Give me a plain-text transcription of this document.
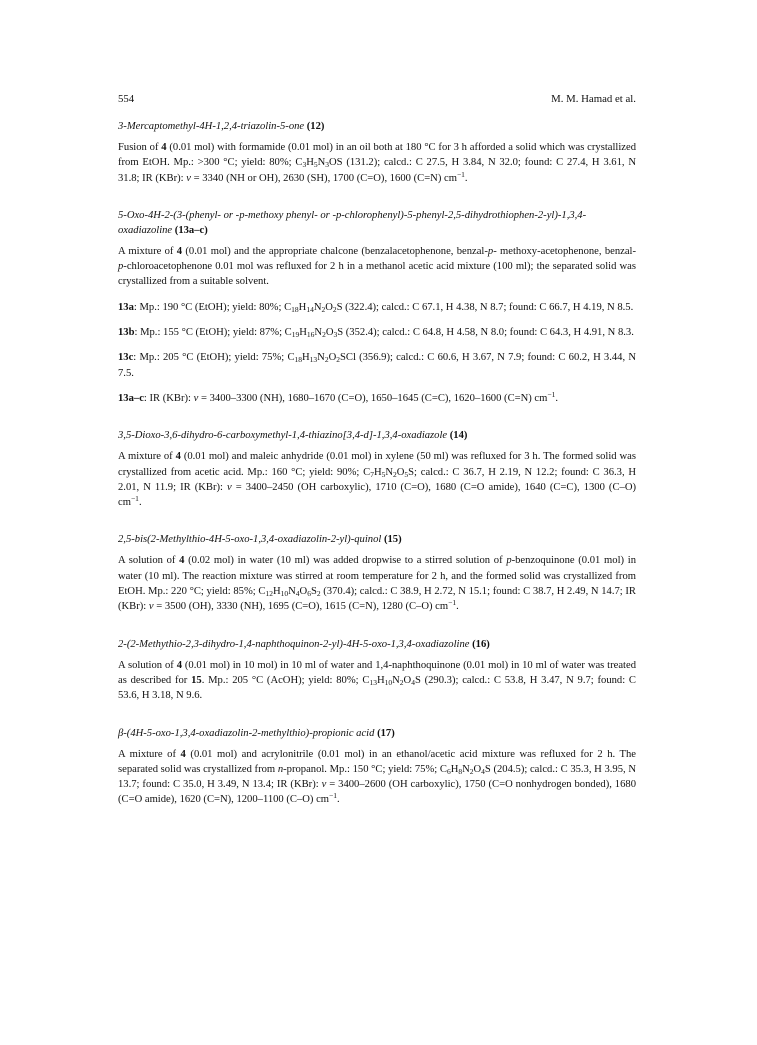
554	M. M. Hamad et al.

3-Mercaptomethyl-4H-1,2,4-triazolin-5-one (12)

Fusion of 4 (0.01 mol) with formamide (0.01 mol) in an oil both at 180 °C for 3 h afforded a solid which was crystallized from EtOH. Mp.: >300 °C; yield: 80%; $C_3H_5N_3OS$ (131.2); calcd.: C 27.5, H 3.84, N 32.0; found: C 27.4, H 3.61, N 31.8; IR (KBr): v = 3340 (NH or OH), 2630 (SH), 1700 (C=O), 1600 (C=N) $cm^{-1}$.

5-Oxo-4H-2-(3-(phenyl- or -p-methoxy phenyl- or -p-chlorophenyl)-5-phenyl-2,5-dihydrothiophen-2-yl)-1,3,4-oxadiazoline (13a–c)

A mixture of 4 (0.01 mol) and the appropriate chalcone (benzalacetophenone, benzal-p- methoxy-acetophenone, benzal-p-chloroacetophenone 0.01 mol was refluxed for 2 h in a methanol acetic acid mixture (100 ml); the separated solid was crystallized from a suitable solvent.

13a: Mp.: 190 °C (EtOH); yield: 80%; $C_{18}H_{14}N_2O_2S$ (322.4); calcd.: C 67.1, H 4.38, N 8.7; found: C 66.7, H 4.19, N 8.5.

13b: Mp.: 155 °C (EtOH); yield: 87%; $C_{19}H_{16}N_2O_3S$ (352.4); calcd.: C 64.8, H 4.58, N 8.0; found: C 64.3, H 4.91, N 8.3.

13c: Mp.: 205 °C (EtOH); yield: 75%; $C_{18}H_{13}N_2O_2SCl$ (356.9); calcd.: C 60.6, H 3.67, N 7.9; found: C 60.2, H 3.44, N 7.5.

13a–c: IR (KBr): v = 3400–3300 (NH), 1680–1670 (C=O), 1650–1645 (C=C), 1620–1600 (C=N) $cm^{-1}$.

3,5-Dioxo-3,6-dihydro-6-carboxymethyl-1,4-thiazino[3,4-d]-1,3,4-oxadiazole (14)

A mixture of 4 (0.01 mol) and maleic anhydride (0.01 mol) in xylene (50 ml) was refluxed for 3 h. The formed solid was crystallized from acetic acid. Mp.: 160 °C; yield: 90%; $C_7H_5N_2O_5S$; calcd.: C 36.7, H 2.19, N 12.2; found: C 36.3, H 2.01, N 11.9; IR (KBr): v = 3400–2450 (OH carboxylic), 1710 (C=O), 1680 (C=O amide), 1640 (C=C), 1300 (C–O) $cm^{-1}$.

2,5-bis(2-Methylthio-4H-5-oxo-1,3,4-oxadiazolin-2-yl)-quinol (15)

A solution of 4 (0.02 mol) in water (10 ml) was added dropwise to a stirred solution of p-benzoquinone (0.01 mol) in water (10 ml). The reaction mixture was stirred at room temperature for 2 h, and the formed solid was crystallized from EtOH. Mp.: 220 °C; yield: 85%; $C_{12}H_{10}N_4O_6S_2$ (370.4); calcd.: C 38.9, H 2.72, N 15.1; found: C 38.7, H 2.49, N 14.7; IR (KBr): v = 3500 (OH), 3330 (NH), 1695 (C=O), 1615 (C=N), 1280 (C–O) $cm^{-1}$.

2-(2-Methythio-2,3-dihydro-1,4-naphthoquinon-2-yl)-4H-5-oxo-1,3,4-oxadiazoline (16)

A solution of 4 (0.01 mol) in 10 mol) in 10 ml of water and 1,4-naphthoquinone (0.01 mol) in 10 ml of water was treated as described for 15. Mp.: 205 °C (AcOH); yield: 80%; $C_{13}H_{10}N_2O_4S$ (290.3); calcd.: C 53.8, H 3.47, N 9.7; found: C 53.6, H 3.18, N 9.6.

β-(4H-5-oxo-1,3,4-oxadiazolin-2-methylthio)-propionic acid (17)

A mixture of 4 (0.01 mol) and acrylonitrile (0.01 mol) in an ethanol/acetic acid mixture was refluxed for 2 h. The separated solid was crystallized from n-propanol. Mp.: 150 °C; yield: 75%; $C_6H_8N_2O_4S$ (204.5); calcd.: C 35.3, H 3.95, N 13.7; found: C 35.0, H 3.49, N 13.4; IR (KBr): v = 3400–2600 (OH carboxylic), 1750 (C=O nonhydrogen bonded), 1680 (C=O amide), 1620 (C=N), 1200–1100 (C–O) $cm^{-1}$.
